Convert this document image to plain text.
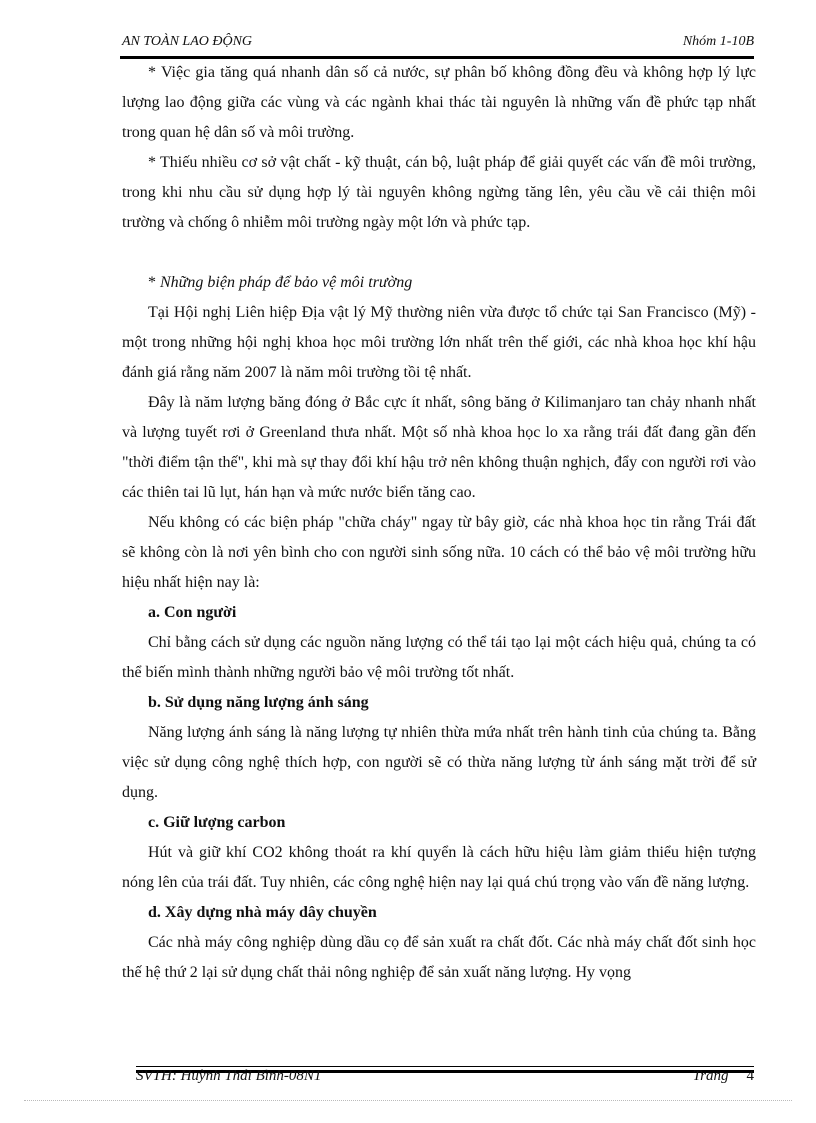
AN TOÀN LAO ĐỘNG	Nhóm 1-10B

* Việc gia tăng quá nhanh dân số cả nước, sự phân bố không đồng đều và không hợp lý lực lượng lao động giữa các vùng và các ngành khai thác tài nguyên là những vấn đề phức tạp nhất trong quan hệ dân số và môi trường.

* Thiếu nhiều cơ sở vật chất - kỹ thuật, cán bộ, luật pháp để giải quyết các vấn đề môi trường, trong khi nhu cầu sử dụng hợp lý tài nguyên không ngừng tăng lên, yêu cầu về cải thiện môi trường và chống ô nhiễm môi trường ngày một lớn và phức tạp.

* Những biện pháp để bảo vệ môi trường

Tại Hội nghị Liên hiệp Địa vật lý Mỹ thường niên vừa được tổ chức tại San Francisco (Mỹ) - một trong những hội nghị khoa học môi trường lớn nhất trên thế giới, các nhà khoa học khí hậu đánh giá rằng năm 2007 là năm môi trường tồi tệ nhất.

Đây là năm lượng băng đóng ở Bắc cực ít nhất, sông băng ở Kilimanjaro tan chảy nhanh nhất và lượng tuyết rơi ở Greenland thưa nhất. Một số nhà khoa học lo xa rằng trái đất đang gần đến "thời điểm tận thế", khi mà sự thay đổi khí hậu trở nên không thuận nghịch, đẩy con người rơi vào các thiên tai lũ lụt, hán hạn và mức nước biển tăng cao.

Nếu không có các biện pháp "chữa cháy" ngay từ bây giờ, các nhà khoa học tin rằng Trái đất sẽ không còn là nơi yên bình cho con người sinh sống nữa. 10 cách có thể bảo vệ môi trường hữu hiệu nhất hiện nay là:

a. Con người

Chỉ bằng cách sử dụng các nguồn năng lượng có thể tái tạo lại một cách hiệu quả, chúng ta có thể biến mình thành những người bảo vệ môi trường tốt nhất.

b. Sử dụng năng lượng ánh sáng

Năng lượng ánh sáng là năng lượng tự nhiên thừa mứa nhất trên hành tinh của chúng ta. Bằng việc sử dụng công nghệ thích hợp, con người sẽ có thừa năng lượng từ ánh sáng mặt trời để sử dụng.

c. Giữ lượng carbon

Hút và giữ khí CO2 không thoát ra khí quyển là cách hữu hiệu làm giảm thiểu hiện tượng nóng lên của trái đất. Tuy nhiên, các công nghệ hiện nay lại quá chú trọng vào vấn đề năng lượng.

d. Xây dựng nhà máy dây chuyền

Các nhà máy công nghiệp dùng dầu cọ để sản xuất ra chất đốt. Các nhà máy chất đốt sinh học thế hệ thứ 2 lại sử dụng chất thải nông nghiệp để sản xuất năng lượng. Hy vọng

SVTH: Huỳnh Thái Bình-08N1	Trang 4
